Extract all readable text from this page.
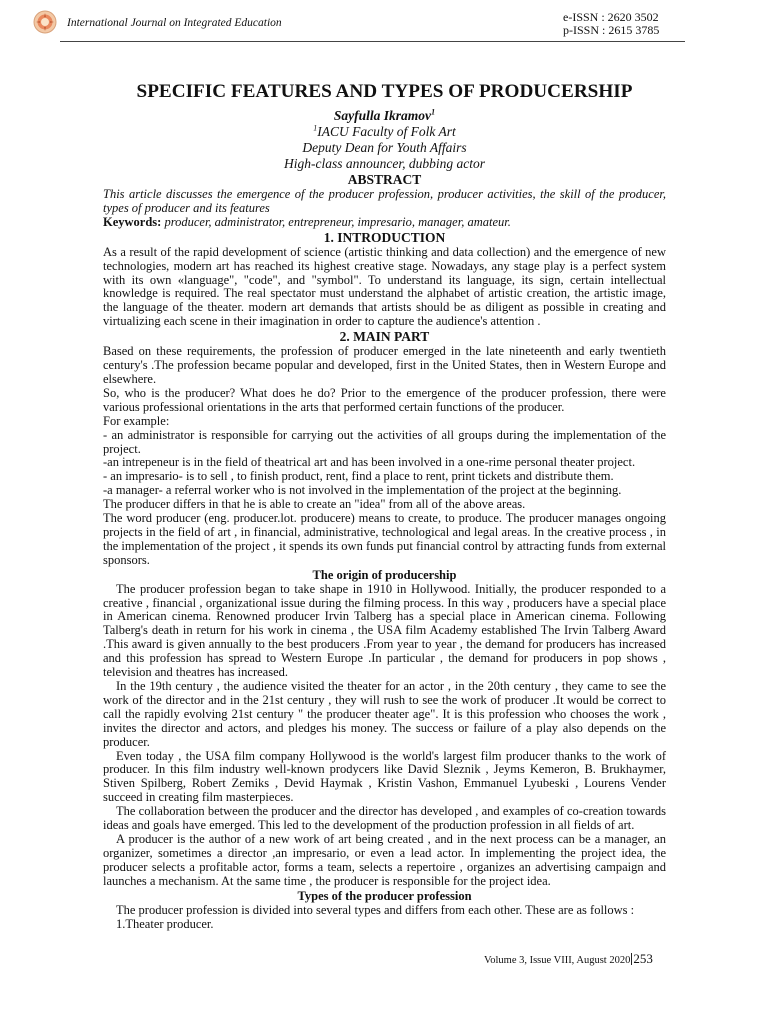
International Journal on Integrated Education	e-ISSN : 2620 3502
p-ISSN : 2615 3785

SPECIFIC FEATURES AND TYPES OF PRODUCERSHIP

Sayfulla Ikramov$^1$

$^1$IACU Faculty of Folk Art

Deputy Dean for Youth Affairs

High-class announcer, dubbing actor

ABSTRACT

This article discusses the emergence of the producer profession, producer activities, the skill of the producer, types of producer and its features

Keywords: producer, administrator, entrepreneur, impresario, manager, amateur.

1. INTRODUCTION

As a result of the rapid development of science (artistic thinking and data collection) and the emergence of new technologies, modern art has reached its highest creative stage. Nowadays, any stage play is a perfect system with its own «language", "code", and "symbol". To understand its language, its sign, certain intellectual knowledge is required. The real spectator must understand the alphabet of artistic creation, the artistic image, the language of the theater. modern art demands that artists should be as diligent as possible in creating and virtualizing each scene in their imagination in order to capture the audience's attention .

2. MAIN PART

Based on these requirements, the profession of producer emerged in the late nineteenth and early twentieth century's .The profession became popular and developed, first in the United States, then in Western Europe and elsewhere.

So, who is the producer? What does he do? Prior to the emergence of the producer profession, there were various professional orientations in the arts that performed certain functions of the producer.

For example:

- an administrator is responsible for carrying out the activities of all groups during the implementation of the project.

-an intrepeneur is in the field of theatrical art and has been involved in a one-rime personal theater project.

- an impresario- is to sell , to finish product, rent, find a place to rent, print tickets and distribute them.

-a manager- a referral worker who is not involved in the implementation of the project at the beginning.

The producer differs in that he is able to create an "idea" from all of the above areas.

The word producer (eng. producer.lot. producere) means to create, to produce. The producer manages ongoing projects in the field of art , in financial, administrative, technological and legal areas. In the creative process , in the implementation of the project , it spends its own funds put financial control by attracting funds from external sponsors.

The origin of producership

The producer profession began to take shape in 1910 in Hollywood. Initially, the producer responded to a creative , financial , organizational issue during the filming process. In this way , producers have a special place in American cinema. Renowned producer Irvin Talberg has a special place in American cinema. Following Talberg's death in return for his work in cinema , the USA film Academy established The Irvin Talberg Award .This award is given annually to the best producers .From year to year , the demand for producers has increased and this profession has spread to Western Europe .In particular , the demand for producers in pop shows , television and theatres has increased.

In the 19th century , the audience visited the theater for an actor , in the 20th century , they came to see the work of the director and in the 21st century , they will rush to see the work of producer .It would be correct to call the rapidly evolving 21st century " the producer theater age". It is this profession who chooses the work , invites the director and actors, and pledges his money. The success or failure of a play also depends on the producer.

Even today , the USA film company Hollywood is the world's largest film producer thanks to the work of producer. In this film industry well-known prodycers like David Sleznik , Jeyms Kemeron, B. Brukhaymer, Stiven Spilberg, Robert Zemiks , Devid Haymak , Kristin Vashon, Emmanuel Lyubeski , Lourens Vender succeed in creating film masterpieces.

The collaboration between the producer and the director has developed , and examples of co-creation towards ideas and goals have emerged. This led to the development of the production profession in all fields of art.

A producer is the author of a new work of art being created , and in the next process can be a manager, an organizer, sometimes a director ,an impresario, or even a lead actor. In implementing the project idea, the producer selects a profitable actor, forms a team, selects a repertoire , organizes an advertising campaign and launches a mechanism. At the same time , the producer is responsible for the project idea.

Types of the producer profession

The producer profession is divided into several types and differs from each other. These are as follows :

1.Theater producer.

Volume 3, Issue VIII, August 2020 253
